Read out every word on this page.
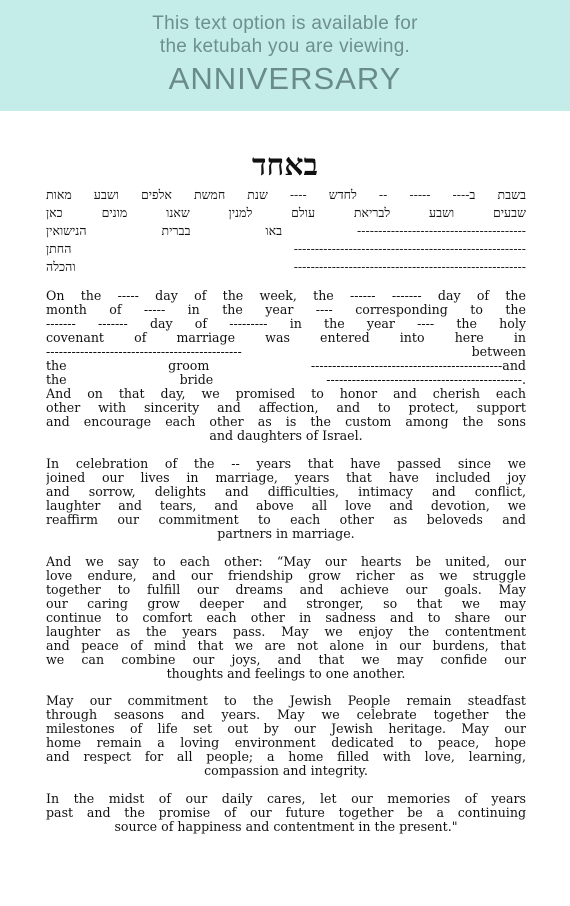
This text option is available for
the ketubah you are viewing.
ANNIVERSARY
באחד
בשבת ב---- ----- -- לחדש ---- שנת חמשת אלפים ושבע מאות
שבעים ושבע לבריאת עולם למנין שאנו מונים כאן
---------------------------------------- באו בברית הנישואין
------------------------------------------------------- החתן
------------------------------------------------------- והכלה
On the ----- day of the week, the ------ ------- day of the
month of ----- in the year ---- corresponding to the
------- ------- day of --------- in the year ---- the holy
covenant of marriage was entered into here in
---------------------------------------------- between
the groom ---------------------------------------------and
the bride ----------------------------------------------.
And on that day, we promised to honor and cherish each
other with sincerity and affection, and to protect, support
and encourage each other as is the custom among the sons
and daughters of Israel.
In celebration of the -- years that have passed since we
joined our lives in marriage, years that have included joy
and sorrow, delights and difficulties, intimacy and conflict,
laughter and tears, and above all love and devotion, we
reaffirm our commitment to each other as beloveds and
partners in marriage.
And we say to each other: “May our hearts be united, our
love endure, and our friendship grow richer as we struggle
together to fulfill our dreams and achieve our goals. May
our caring grow deeper and stronger, so that we may
continue to comfort each other in sadness and to share our
laughter as the years pass. May we enjoy the contentment
and peace of mind that we are not alone in our burdens, that
we can combine our joys, and that we may confide our
thoughts and feelings to one another.
May our commitment to the Jewish People remain steadfast
through seasons and years. May we celebrate together the
milestones of life set out by our Jewish heritage. May our
home remain a loving environment dedicated to peace, hope
and respect for all people; a home filled with love, learning,
compassion and integrity.
In the midst of our daily cares, let our memories of years
past and the promise of our future together be a continuing
source of happiness and contentment in the present."
